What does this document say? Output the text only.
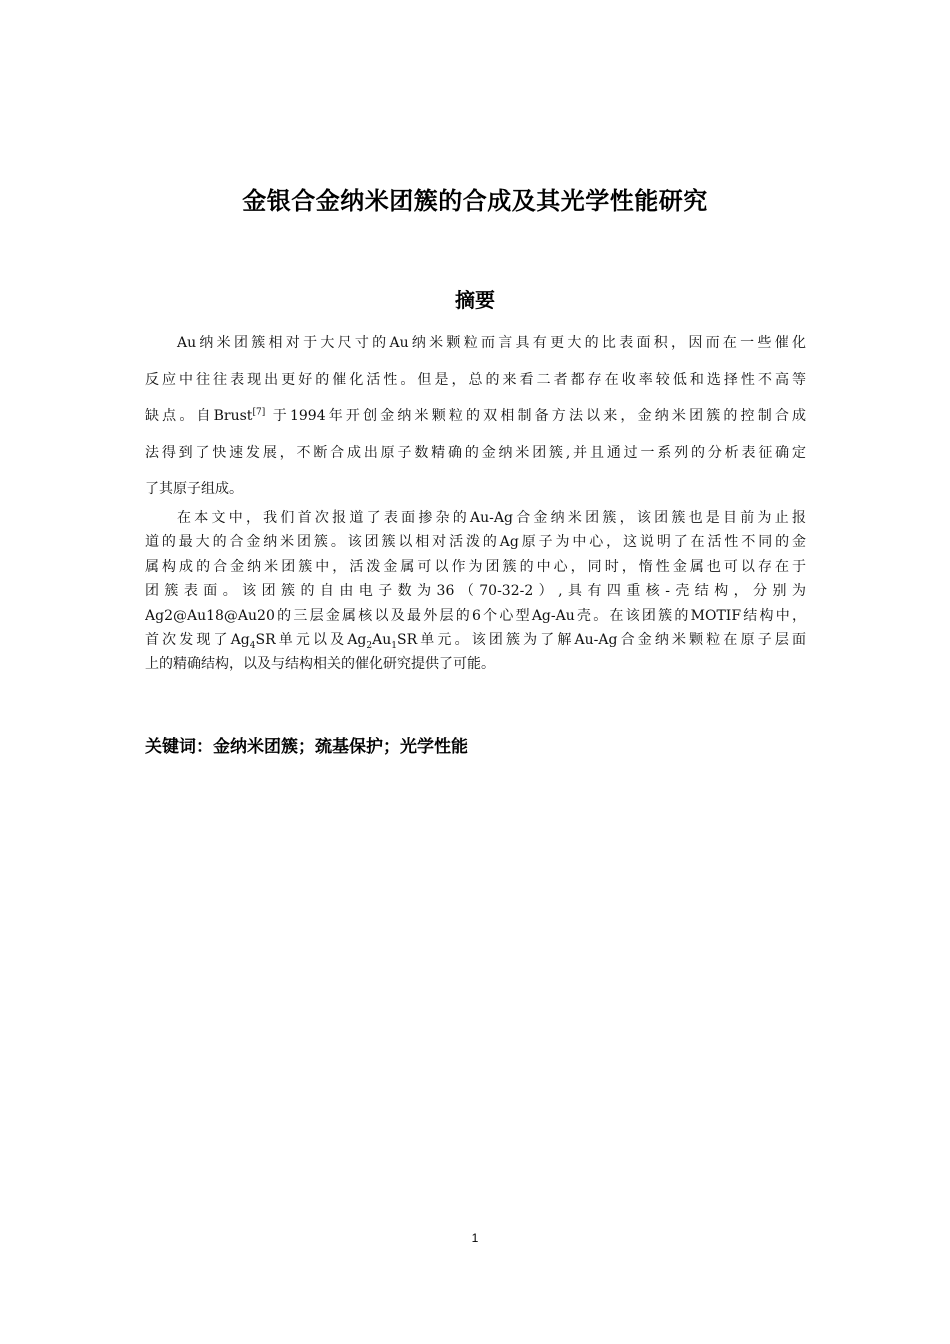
金银合金纳米团簇的合成及其光学性能研究
摘要
Au纳米团簇相对于大尺寸的Au纳米颗粒而言具有更大的比表面积，因而在一些催化
反应中往往表现出更好的催化活性。但是，总的来看二者都存在收率较低和选择性不高等
缺点。自Brust[7] 于1994年开创金纳米颗粒的双相制备方法以来，金纳米团簇的控制合成
法得到了快速发展，不断合成出原子数精确的金纳米团簇,并且通过一系列的分析表征确定
了其原子组成。
在本文中，我们首次报道了表面掺杂的Au-Ag合金纳米团簇，该团簇也是目前为止报
道的最大的合金纳米团簇。该团簇以相对活泼的Ag原子为中心，这说明了在活性不同的金
属构成的合金纳米团簇中，活泼金属可以作为团簇的中心，同时，惰性金属也可以存在于
团簇表面。该团簇的自由电子数为36（70-32-2）,具有四重核-壳结构，分别为
Ag2@Au18@Au20的三层金属核以及最外层的6个心型Ag-Au壳。在该团簇的MOTIF结构中，
首次发现了$Ag_4SR$单元以及$Ag_2Au_1SR$单元。该团簇为了解Au-Ag合金纳米颗粒在原子层面
上的精确结构，以及与结构相关的催化研究提供了可能。
关键词：金纳米团簇；巯基保护；光学性能
1
